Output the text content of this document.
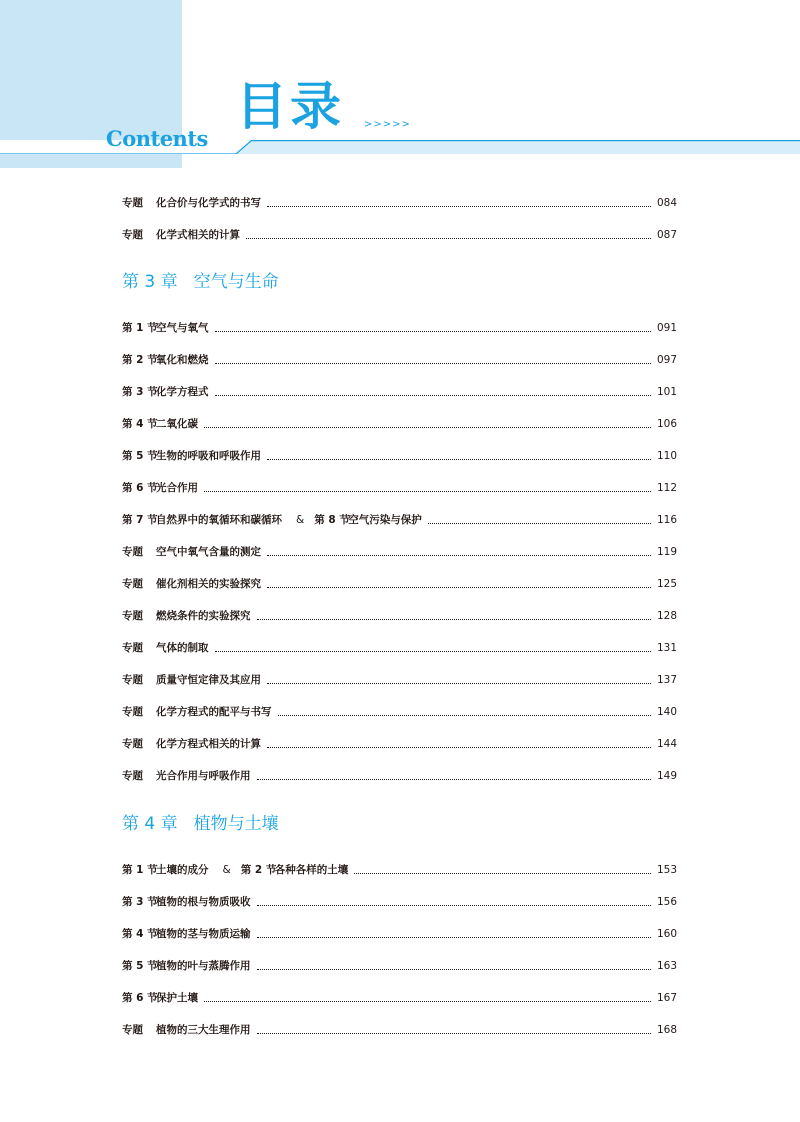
目录 >>>>>
Contents
专题 化合价与化学式的书写	084
专题 化学式相关的计算	087
第 3 章 空气与生命
第 1 节空气与氧气	091
第 2 节氧化和燃烧	097
第 3 节化学方程式	101
第 4 节二氧化碳	106
第 5 节生物的呼吸和呼吸作用	110
第 6 节光合作用	112
第 7 节自然界中的氧循环和碳循环 & 第 8 节空气污染与保护	116
专题 空气中氧气含量的测定	119
专题 催化剂相关的实验探究	125
专题 燃烧条件的实验探究	128
专题 气体的制取	131
专题 质量守恒定律及其应用	137
专题 化学方程式的配平与书写	140
专题 化学方程式相关的计算	144
专题 光合作用与呼吸作用	149
第 4 章 植物与土壤
第 1 节土壤的成分 & 第 2 节各种各样的土壤	153
第 3 节植物的根与物质吸收	156
第 4 节植物的茎与物质运输	160
第 5 节植物的叶与蒸腾作用	163
第 6 节保护土壤	167
专题 植物的三大生理作用	168
